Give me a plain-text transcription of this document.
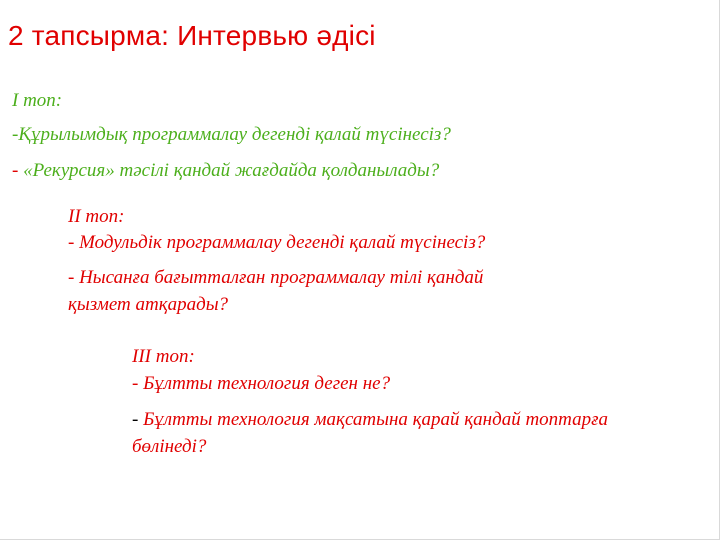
2 тапсырма: Интервью әдісі
I топ:
-Құрылымдық программалау дегенді қалай түсінесіз?
- «Рекурсия» тәсілі қандай жағдайда қолданылады?
II топ:
- Модульдік программалау дегенді қалай түсінесіз?
- Нысанға бағытталған программалау тілі қандай
қызмет атқарады?
III топ:
- Бұлтты технология деген не?
- Бұлтты технология мақсатына қарай қандай топтарға
бөлінеді?
